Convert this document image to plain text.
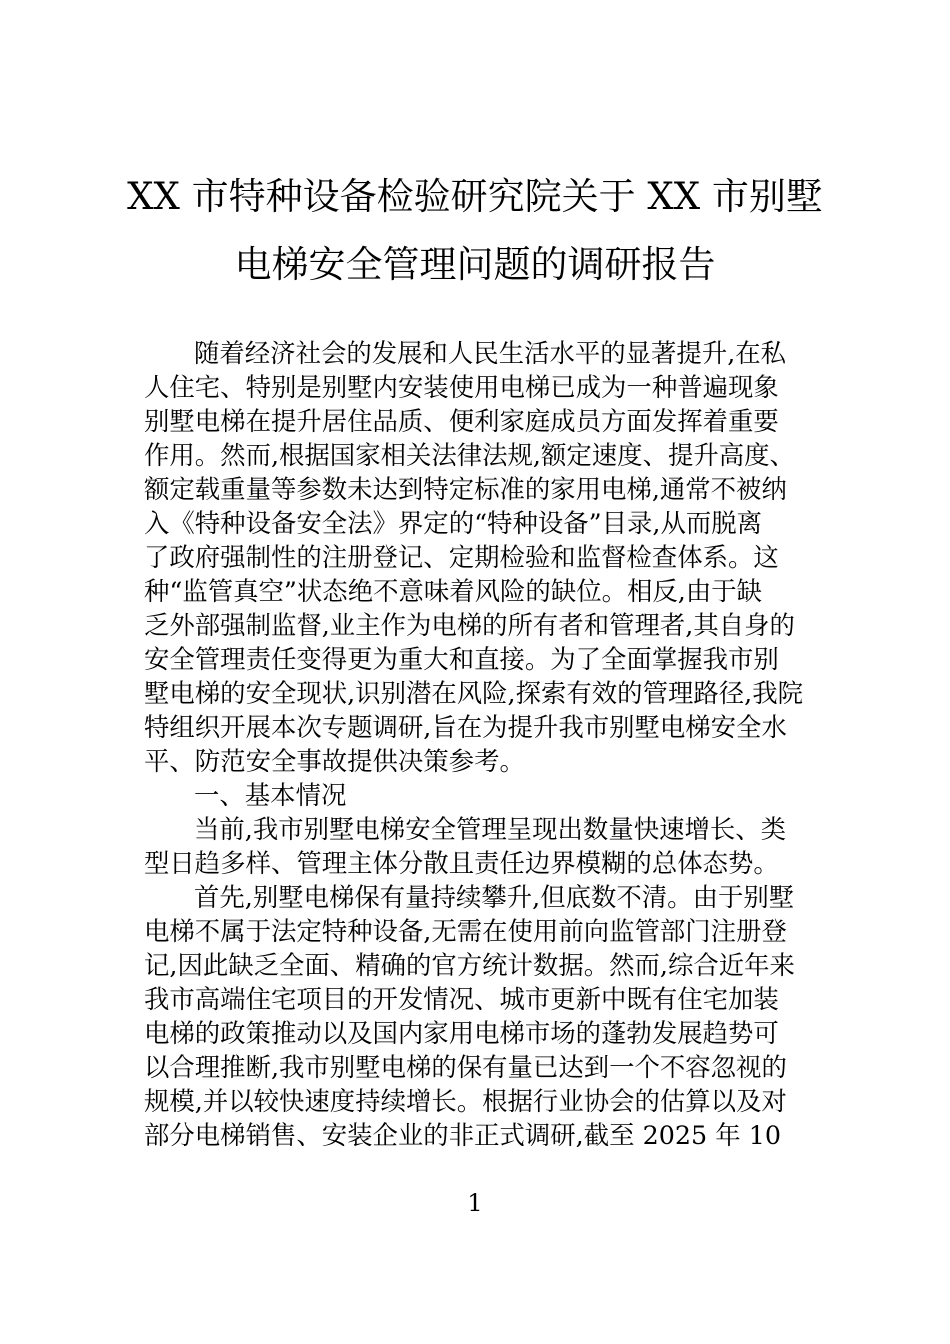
XX 市特种设备检验研究院关于 XX 市别墅
电梯安全管理问题的调研报告
随着经济社会的发展和人民生活水平的显著提升,在私
人住宅、特别是别墅内安装使用电梯已成为一种普遍现象
别墅电梯在提升居住品质、便利家庭成员方面发挥着重要
作用。然而,根据国家相关法律法规,额定速度、提升高度、
额定载重量等参数未达到特定标准的家用电梯,通常不被纳
入《特种设备安全法》界定的“特种设备”目录,从而脱离
了政府强制性的注册登记、定期检验和监督检查体系。这
种“监管真空”状态绝不意味着风险的缺位。相反,由于缺
乏外部强制监督,业主作为电梯的所有者和管理者,其自身的
安全管理责任变得更为重大和直接。为了全面掌握我市别
墅电梯的安全现状,识别潜在风险,探索有效的管理路径,我院
特组织开展本次专题调研,旨在为提升我市别墅电梯安全水
平、防范安全事故提供决策参考。
一、基本情况
当前,我市别墅电梯安全管理呈现出数量快速增长、类
型日趋多样、管理主体分散且责任边界模糊的总体态势。
首先,别墅电梯保有量持续攀升,但底数不清。由于别墅
电梯不属于法定特种设备,无需在使用前向监管部门注册登
记,因此缺乏全面、精确的官方统计数据。然而,综合近年来
我市高端住宅项目的开发情况、城市更新中既有住宅加装
电梯的政策推动以及国内家用电梯市场的蓬勃发展趋势可
以合理推断,我市别墅电梯的保有量已达到一个不容忽视的
规模,并以较快速度持续增长。根据行业协会的估算以及对
部分电梯销售、安装企业的非正式调研,截至 2025 年 10
1
